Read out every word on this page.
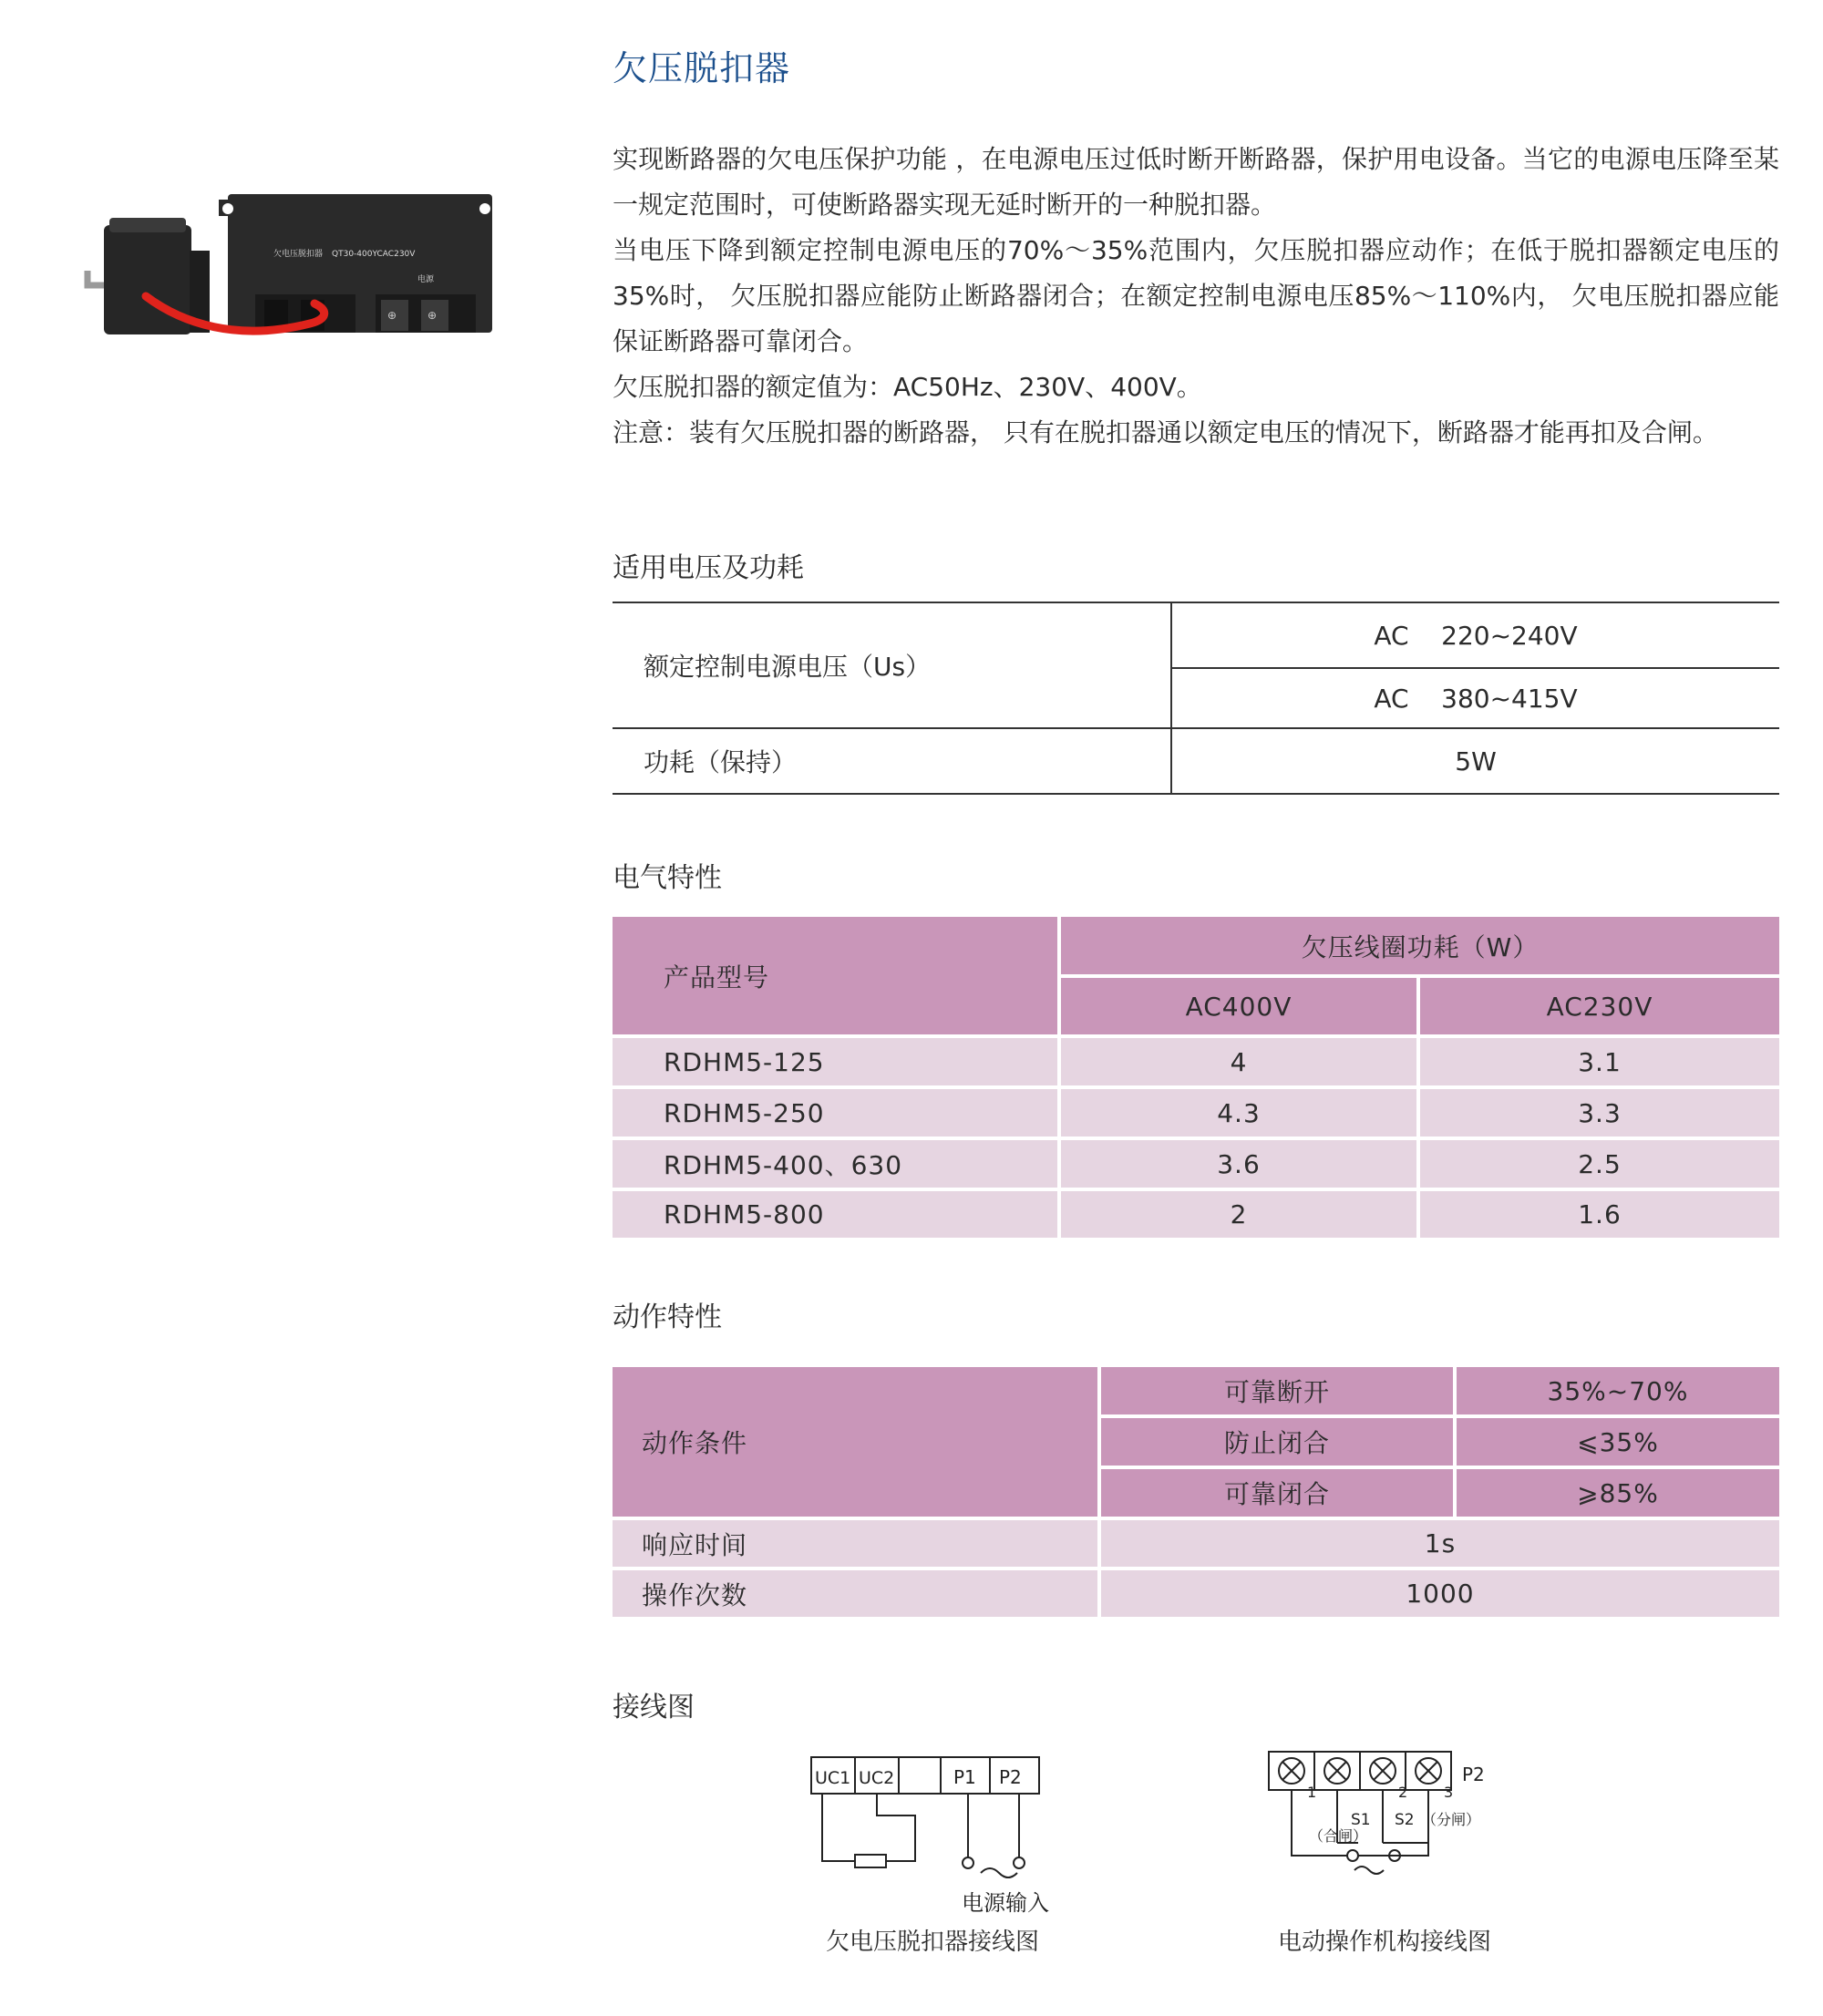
欠压脱扣器
欠电压脱扣器 QT30-400YCAC230V
电源
⊕	⊕

实现断路器的欠电压保护功能 ，在电源电压过低时断开断路器，保护用电设备。当它的电源电压降至某一规定范围时，可使断路器实现无延时断开的一种脱扣器。

当电压下降到额定控制电源电压的70%～35%范围内，欠压脱扣器应动作；在低于脱扣器额定电压的35%时， 欠压脱扣器应能防止断路器闭合；在额定控制电源电压85%～110%内， 欠电压脱扣器应能保证断路器可靠闭合。

欠压脱扣器的额定值为：AC50Hz、230V、400V。

注意：装有欠压脱扣器的断路器， 只有在脱扣器通以额定电压的情况下，断路器才能再扣及合闸。

适用电压及功耗
额定控制电源电压（Us）
AC    220~240V
AC    380~415V
功耗（保持）	5W
电气特性
产品型号
欠压线圈功耗（W）
AC400V	AC230V
RDHM5-125	4	3.1
RDHM5-250	4.3	3.3
RDHM5-400、630	3.6	2.5
RDHM5-800	2	1.6
动作特性
动作条件
可靠断开	35%~70%
防止闭合	⩽35%
可靠闭合	⩾85%
响应时间	1s
操作次数	1000
接线图
UC1 UC2	P1 P2
电源输入
欠电压脱扣器接线图
1	2 3
P2
S1 S2
（合闸）
（分闸）
电动操作机构接线图
